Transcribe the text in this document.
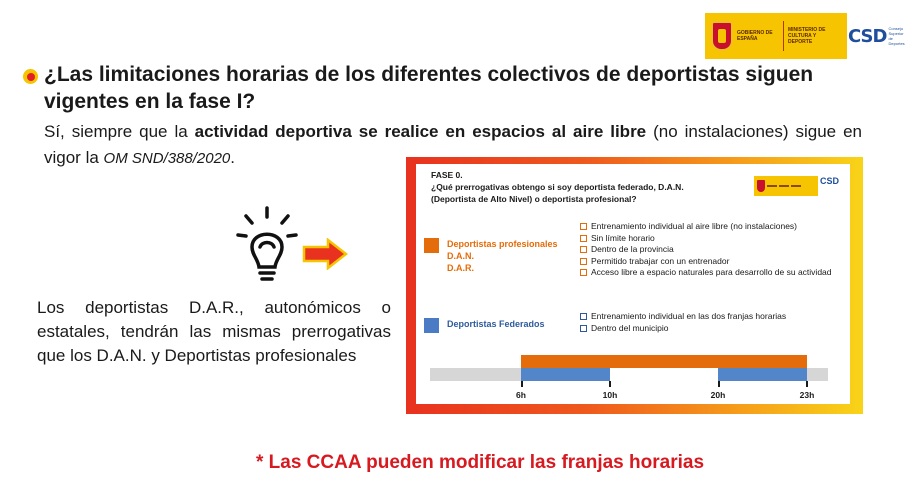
GOBIERNO DE ESPAÑA
MINISTERIO DE CULTURA Y DEPORTE	CSD Consejo Superior de Deportes
¿Las limitaciones horarias de los diferentes colectivos de deportistas siguen vigentes en la fase I?
Sí, siempre que la actividad deportiva se realice en espacios al aire libre (no instalaciones) sigue en vigor la OM SND/388/2020.
Los deportistas D.A.R., autonómicos o estatales, tendrán las mismas prerrogativas que los D.A.N. y Deportistas profesionales
FASE 0.
¿Qué prerrogativas obtengo si soy deportista federado, D.A.N.
(Deportista de Alto Nivel) o deportista profesional?
CSD
Deportistas profesionales
D.A.N.
D.A.R.
Entrenamiento individual al aire libre (no instalaciones)
Sin límite horario
Dentro de la provincia
Permitido trabajar con un entrenador
Acceso libre a espacio naturales para desarrollo de su actividad
Deportistas Federados
Entrenamiento individual en las dos franjas horarias
Dentro del municipio
6h	10h	20h	23h
* Las CCAA pueden modificar las franjas horarias
